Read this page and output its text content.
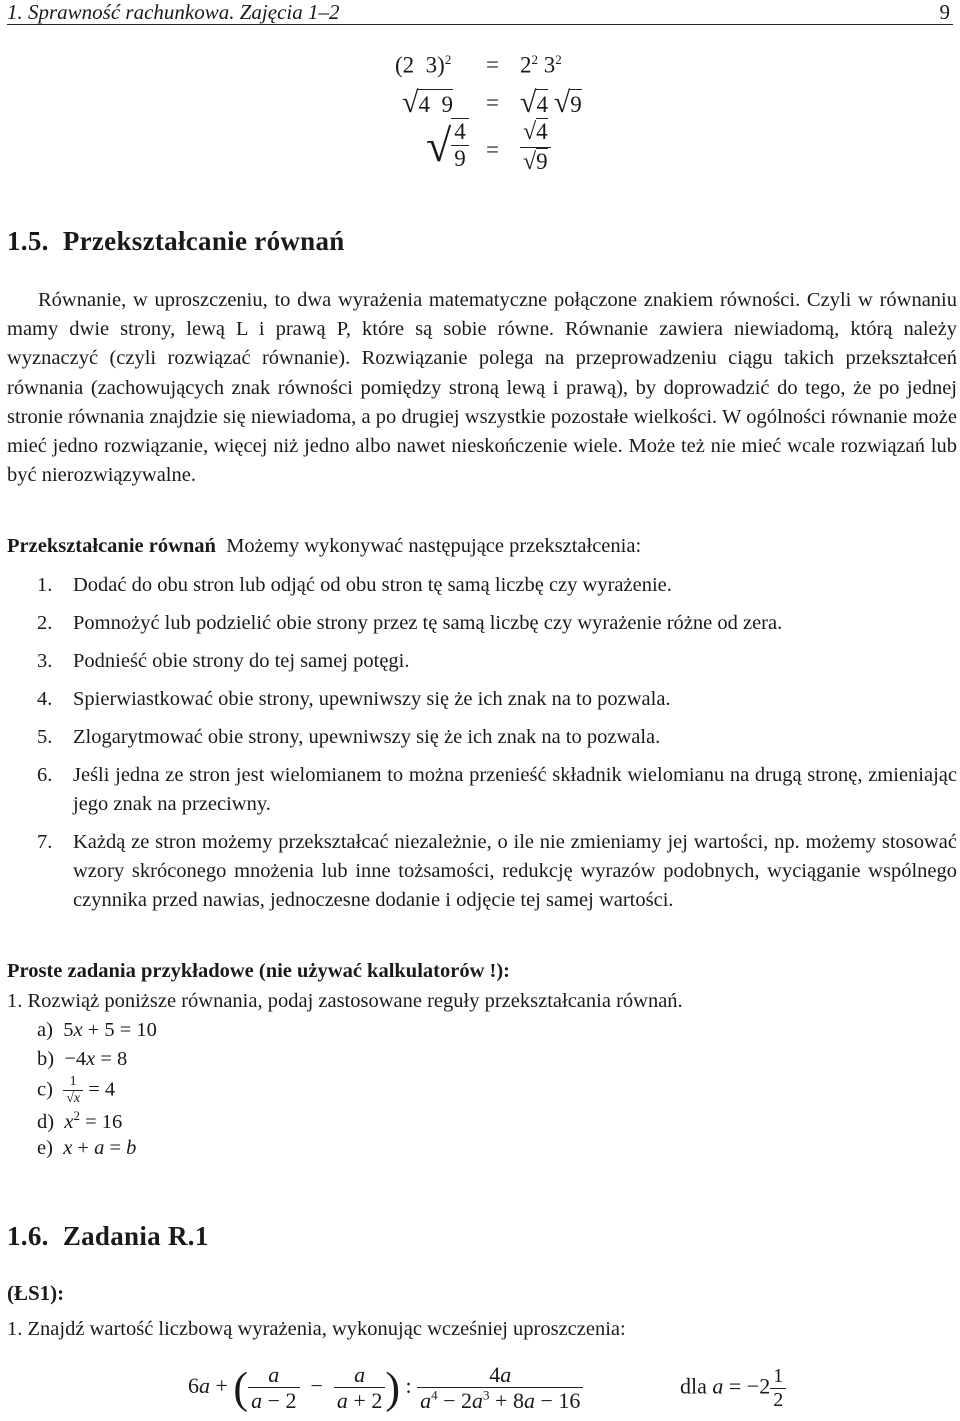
1. Sprawność rachunkowa. Zajęcia 1–2	9
(2  $3)^2 = 2^2$ $3^2$
√4  9 = √4 √9
√ $\frac{4}{9} = \frac{√4}{√9}$
1.5. Przekształcanie równań
Równanie, w uproszczeniu, to dwa wyrażenia matematyczne połączone znakiem równości. Czyli w równaniu mamy dwie strony, lewą L i prawą P, które są sobie równe. Równanie zawiera niewiadomą, którą należy wyznaczyć (czyli rozwiązać równanie). Rozwiązanie polega na przeprowadzeniu ciągu takich przekształceń równania (zachowujących znak równości pomiędzy stroną lewą i prawą), by doprowadzić do tego, że po jednej stronie równania znajdzie się niewiadoma, a po drugiej wszystkie pozostałe wielkości. W ogólności równanie może mieć jedno rozwiązanie, więcej niż jedno albo nawet nieskończenie wiele. Może też nie mieć wcale rozwiązań lub być nierozwiązywalne.
Przekształcanie równań Możemy wykonywać następujące przekształcenia:
1. Dodać do obu stron lub odjąć od obu stron tę samą liczbę czy wyrażenie.
2. Pomnożyć lub podzielić obie strony przez tę samą liczbę czy wyrażenie różne od zera.
3. Podnieść obie strony do tej samej potęgi.
4. Spierwiastkować obie strony, upewniwszy się że ich znak na to pozwala.
5. Zlogarytmować obie strony, upewniwszy się że ich znak na to pozwala.
6. Jeśli jedna ze stron jest wielomianem to można przenieść składnik wielomianu na drugą stronę, zmieniając jego znak na przeciwny.
7. Każdą ze stron możemy przekształcać niezależnie, o ile nie zmieniamy jej wartości, np. możemy stosować wzory skróconego mnożenia lub inne tożsamości, redukcję wyrazów podobnych, wyciąganie wspólnego czynnika przed nawias, jednoczesne dodanie i odjęcie tej samej wartości.
Proste zadania przykładowe (nie używać kalkulatorów !):
1. Rozwiąż poniższe równania, podaj zastosowane reguły przekształcania równań.
a) 5x + 5 = 10
b) −4x = 8
$c) \frac{1}{√x} = 4$
d) $x^2 = 16$
e) x + a = b
1.6. Zadania R.1
(ŁS1):
1. Znajdź wartość liczbową wyrażenia, wykonując wcześniej uproszczenia:
6a + ( $\frac{a}{a - 2} - \frac{a}{a + 2}$ ) : $\frac{4a}{a^4 - 2a^3 + 8a - 16}$	dla $a = -2 \frac{1}{2}$
